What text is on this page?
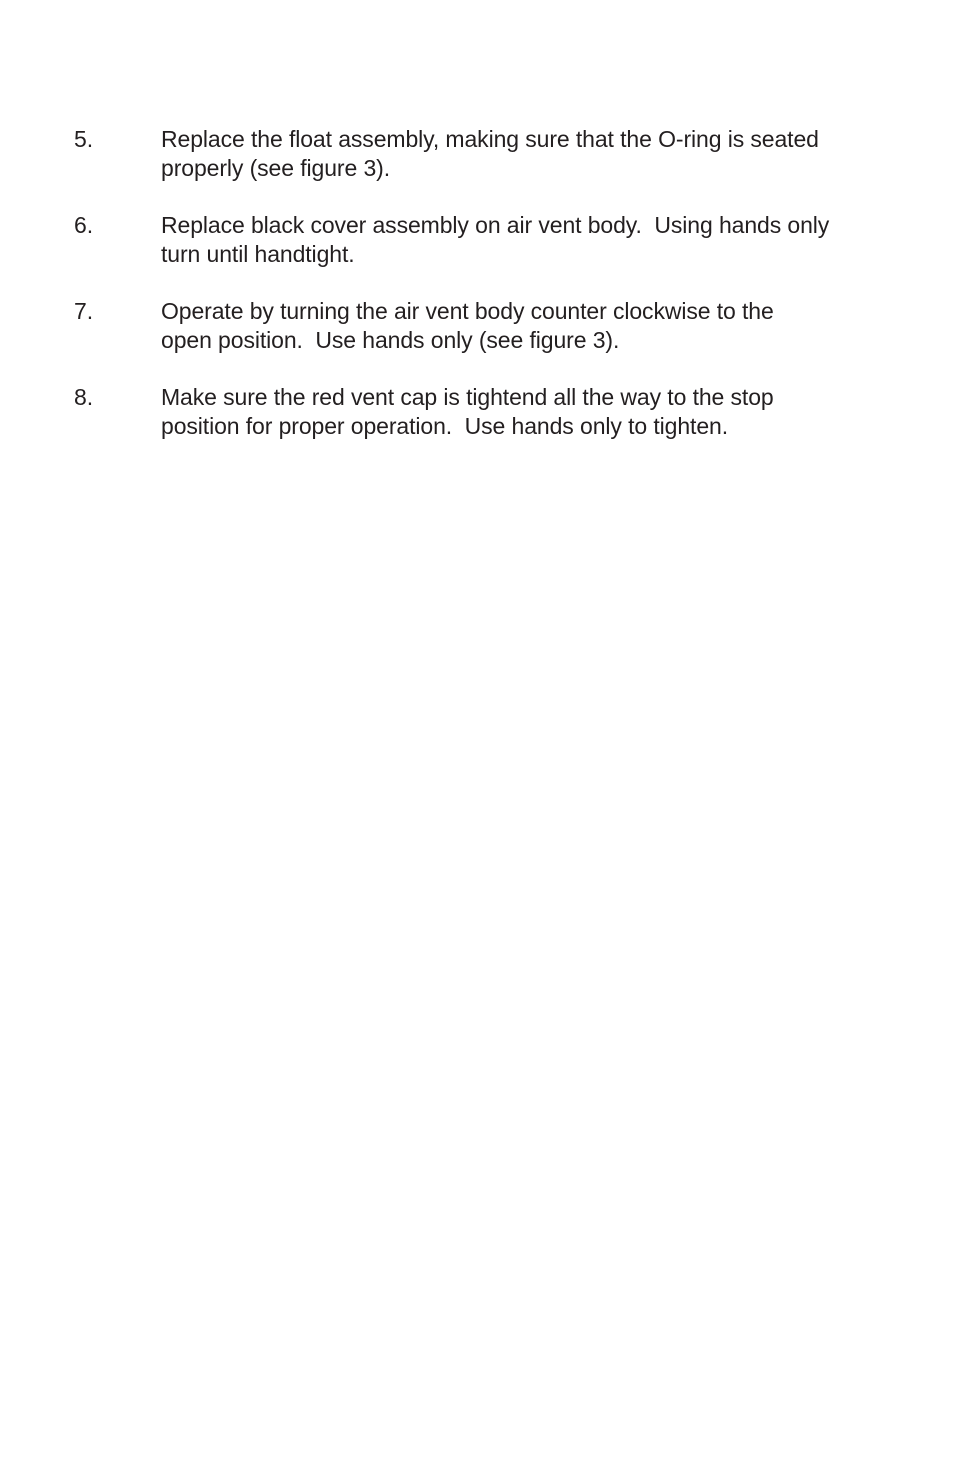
5.	Replace the float assembly, making sure that the O-ring is seated
properly (see figure 3).
6.	Replace black cover assembly on air vent body.  Using hands only
turn until handtight.
7.	Operate by turning the air vent body counter clockwise to the
open position.  Use hands only (see figure 3).
8.	Make sure the red vent cap is tightend all the way to the stop
position for proper operation.  Use hands only to tighten.
